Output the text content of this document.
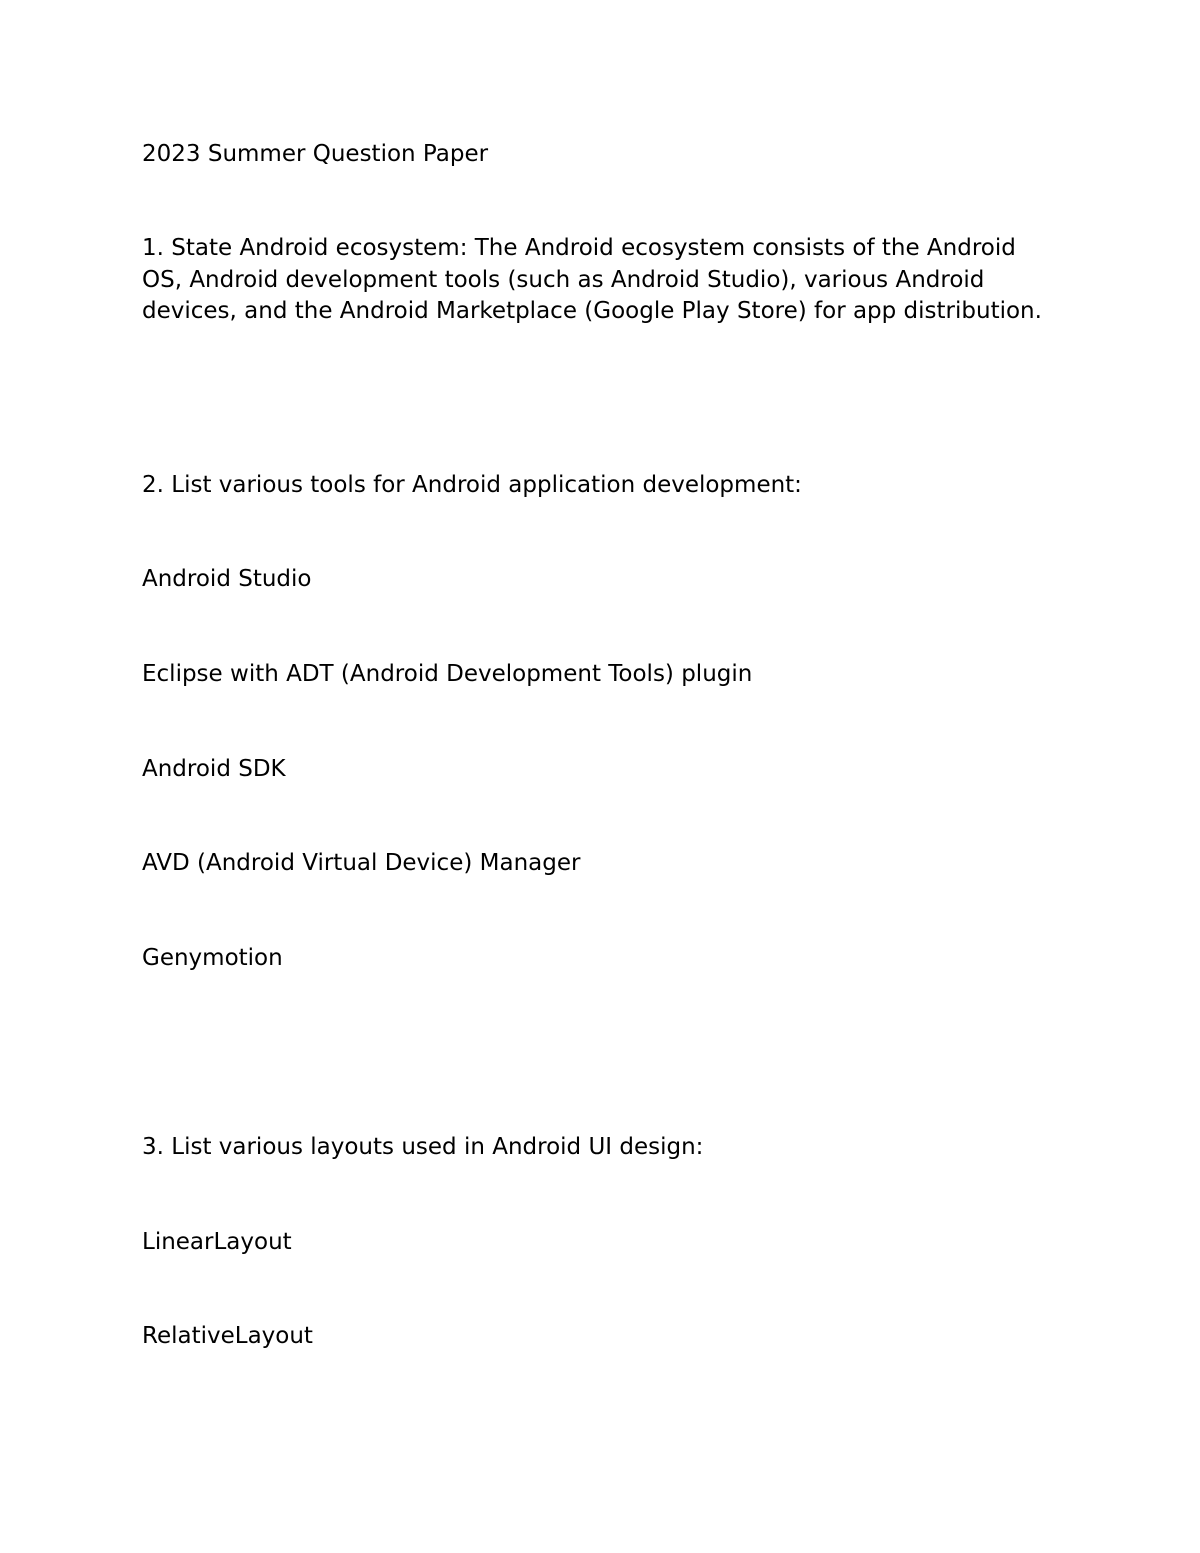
2023 Summer Question Paper

1. State Android ecosystem: The Android ecosystem consists of the Android OS, Android development tools (such as Android Studio), various Android devices, and the Android Marketplace (Google Play Store) for app distribution.

2. List various tools for Android application development:

Android Studio

Eclipse with ADT (Android Development Tools) plugin

Android SDK

AVD (Android Virtual Device) Manager

Genymotion

3. List various layouts used in Android UI design:

LinearLayout

RelativeLayout
